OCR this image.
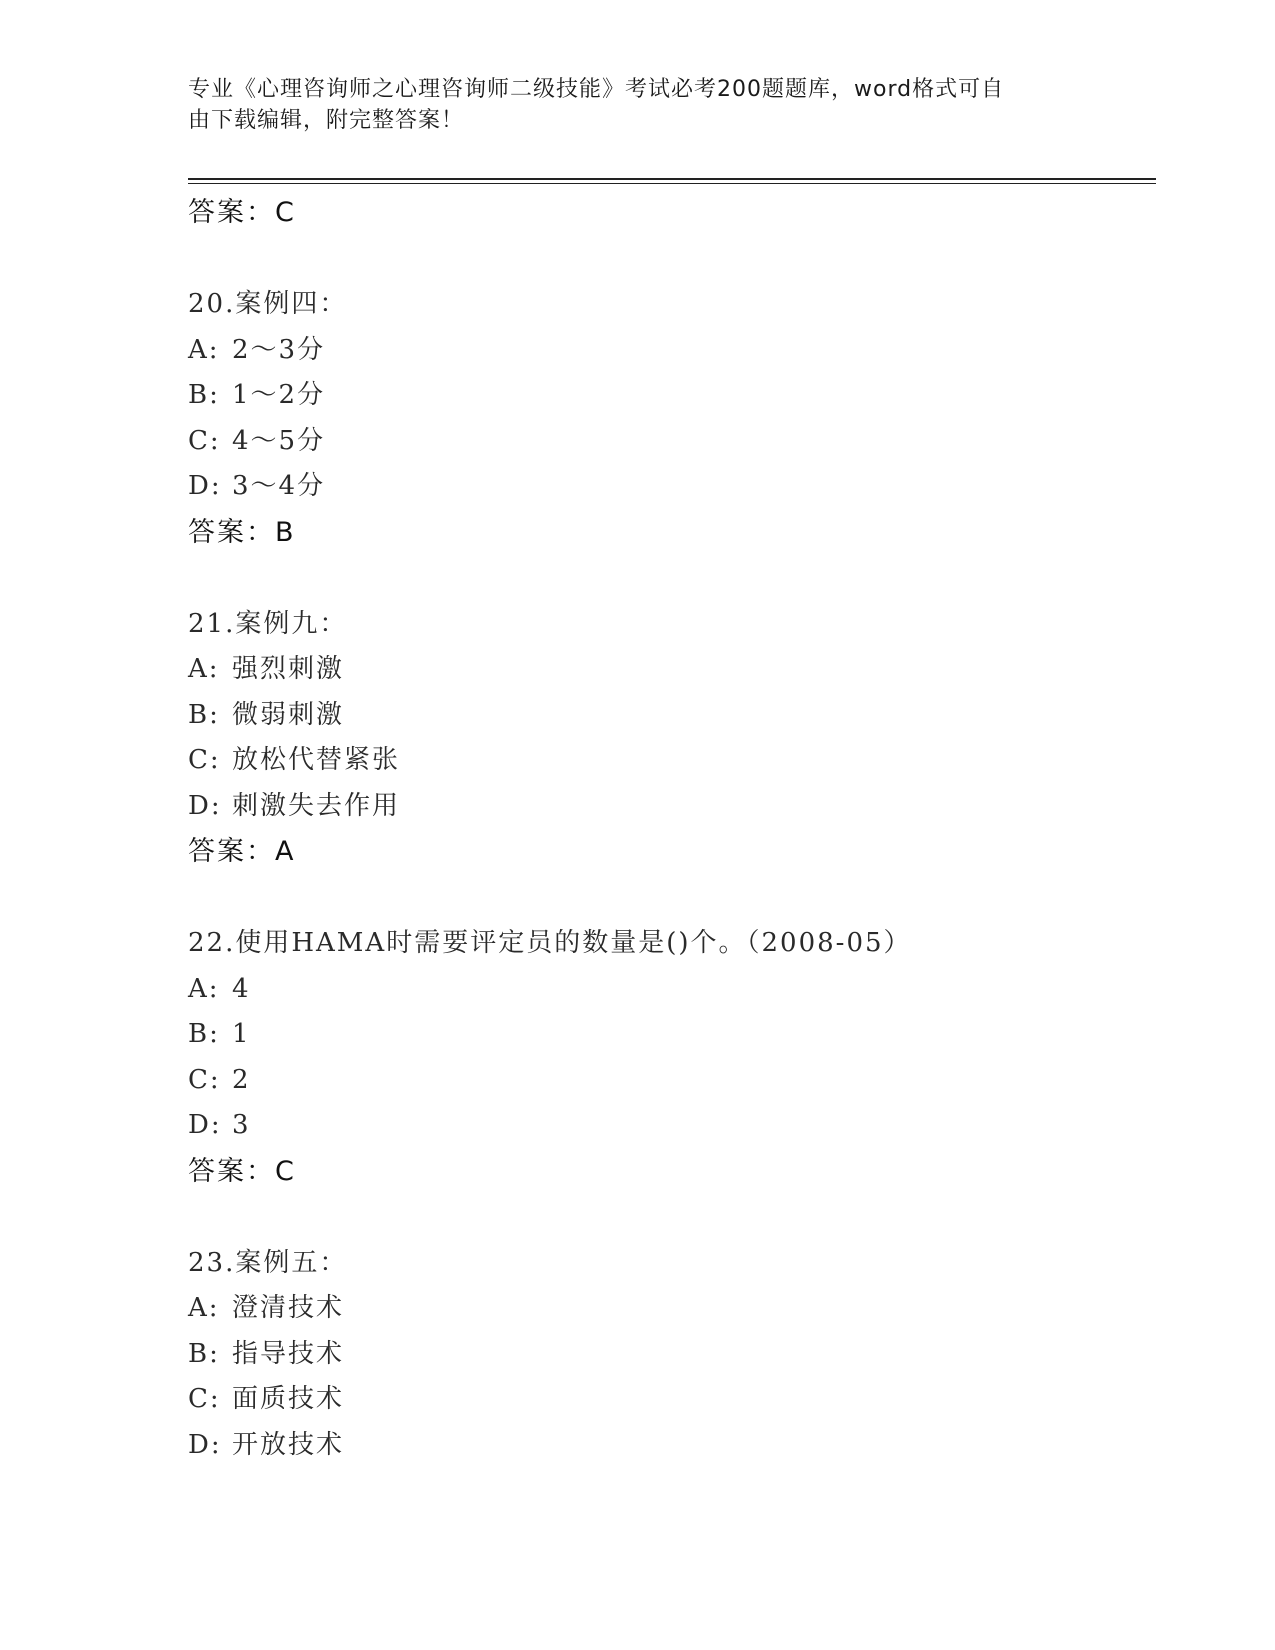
专业《心理咨询师之心理咨询师二级技能》考试必考200题题库，word格式可自
由下载编辑，附完整答案！
答案：C
20.案例四：
A: 2～3分
B: 1～2分
C: 4～5分
D: 3～4分
答案：B
21.案例九：
A: 强烈刺激
B: 微弱刺激
C: 放松代替紧张
D: 刺激失去作用
答案：A
22.使用HAMA时需要评定员的数量是()个。（2008-05）
A: 4
B: 1
C: 2
D: 3
答案：C
23.案例五：
A: 澄清技术
B: 指导技术
C: 面质技术
D: 开放技术
